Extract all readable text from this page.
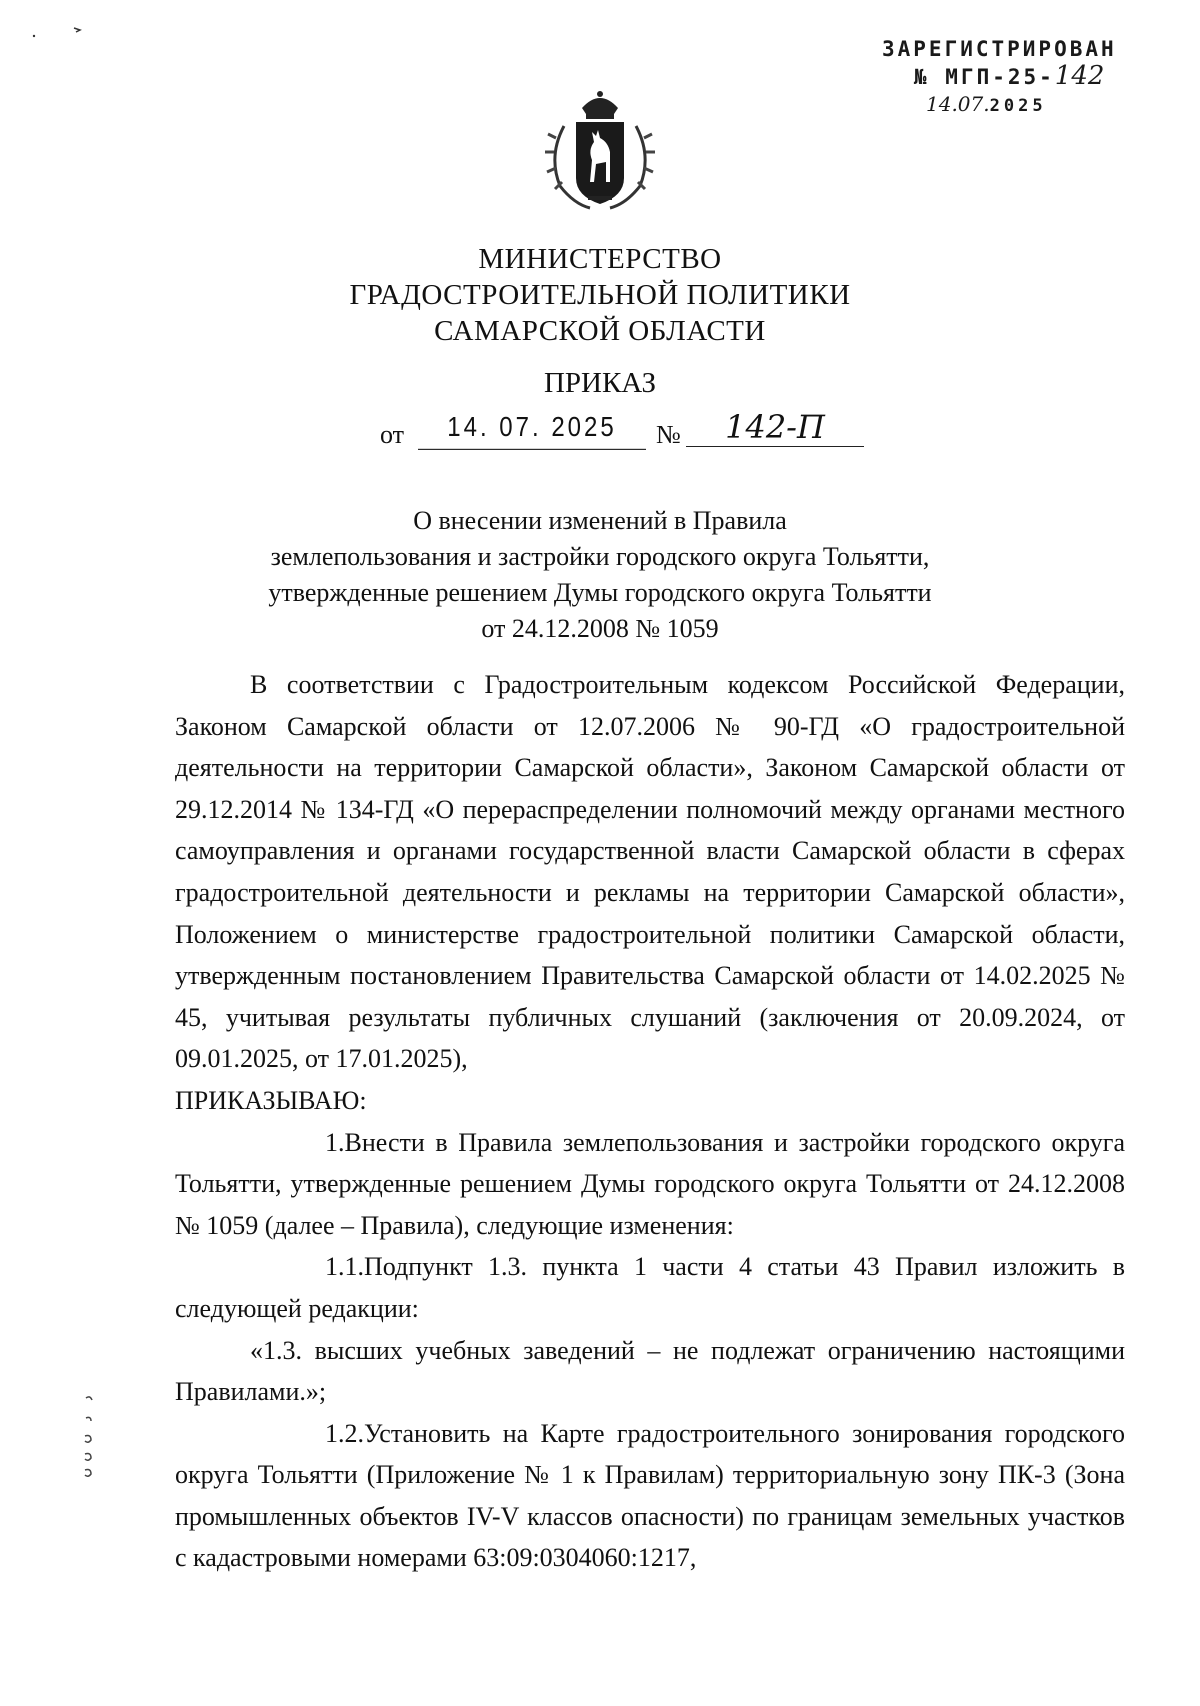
ЗАРЕГИСТРИРОВАН
№ МГП-25-142
14.07.2025
МИНИСТЕРСТВО
ГРАДОСТРОИТЕЛЬНОЙ ПОЛИТИКИ
САМАРСКОЙ ОБЛАСТИ
ПРИКАЗ
от	14. 07. 2025	№	142-П
О внесении изменений в Правила
землепользования и застройки городского округа Тольятти,
утвержденные решением Думы городского округа Тольятти
от 24.12.2008 № 1059

В соответствии с Градостроительным кодексом Российской Федерации, Законом Самарской области от 12.07.2006 № 90-ГД «О градостроительной деятельности на территории Самарской области», Законом Самарской области от 29.12.2014 № 134-ГД «О перераспределении полномочий между органами местного самоуправления и органами государственной власти Самарской области в сферах градостроительной деятельности и рекламы на территории Самарской области», Положением о министерстве градостроительной политики Самарской области, утвержденным постановлением Правительства Самарской области от 14.02.2025 № 45, учитывая результаты публичных слушаний (заключения от 20.09.2024, от 09.01.2025, от 17.01.2025),

ПРИКАЗЫВАЮ:

1.Внести в Правила землепользования и застройки городского округа Тольятти, утвержденные решением Думы городского округа Тольятти от 24.12.2008 № 1059 (далее – Правила), следующие изменения:

1.1.Подпункт 1.3. пункта 1 части 4 статьи 43 Правил изложить в следующей редакции:

«1.3. высших учебных заведений – не подлежат ограничению настоящими Правилами.»;

1.2.Установить на Карте градостроительного зонирования городского округа Тольятти (Приложение № 1 к Правилам) территориальную зону ПК-3 (Зона промышленных объектов IV-V классов опасности) по границам земельных участков с кадастровыми номерами 63:09:0304060:1217,
